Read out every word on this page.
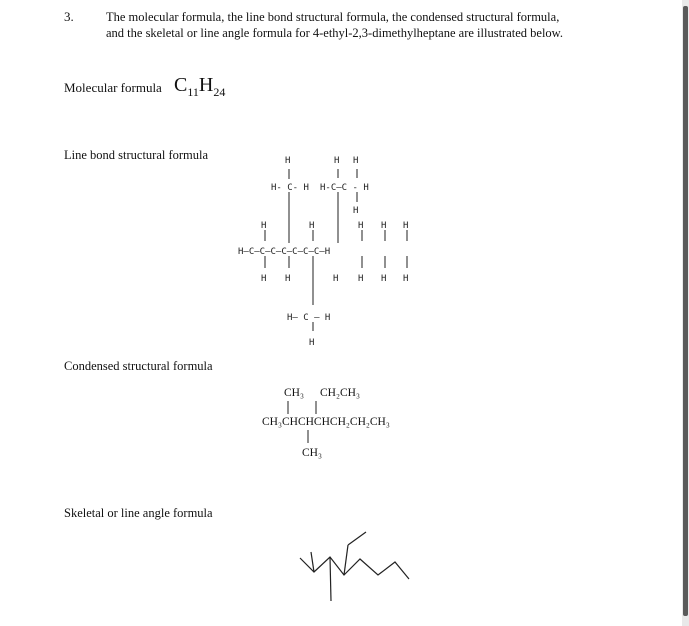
3.	The molecular formula, the line bond structural formula, the condensed structural formula, and the skeletal or line angle formula for 4-ethyl-2,3-dimethylheptane are illustrated below.
Molecular formula $C_{11}H_{24}$
Line bond structural formula	H	H H
H- C- H H-C—C - H
H
H	H	H H H
H—C—C—C—C—C—C—C—H
H H	H H H H
H— C — H
H
Condensed structural formula
CH₃ CH₂CH₃
CH₃CHCHCHCH₂CH₂CH₃
CH₃
Skeletal or line angle formula
